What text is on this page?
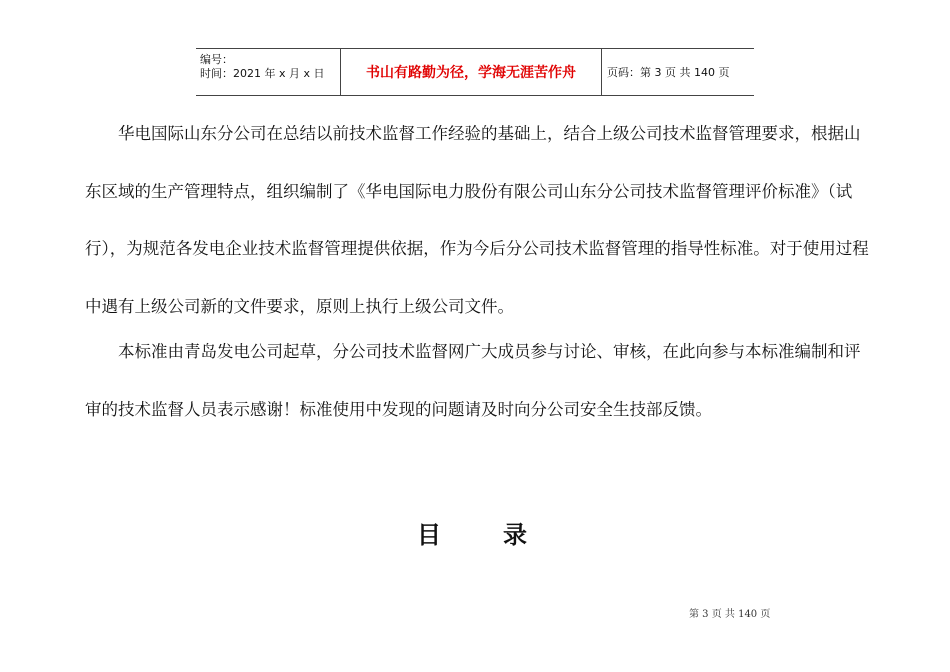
编号：
时间：2021 年 x 月 x 日	书山有路勤为径，学海无涯苦作舟	页码：第 3 页 共 140 页

华电国际山东分公司在总结以前技术监督工作经验的基础上，结合上级公司技术监督管理要求，根据山东区域的生产管理特点，组织编制了《华电国际电力股份有限公司山东分公司技术监督管理评价标准》（试行），为规范各发电企业技术监督管理提供依据，作为今后分公司技术监督管理的指导性标准。对于使用过程中遇有上级公司新的文件要求，原则上执行上级公司文件。

本标准由青岛发电公司起草，分公司技术监督网广大成员参与讨论、审核，在此向参与本标准编制和评审的技术监督人员表示感谢！标准使用中发现的问题请及时向分公司安全生技部反馈。

目录
第 3 页 共 140 页
